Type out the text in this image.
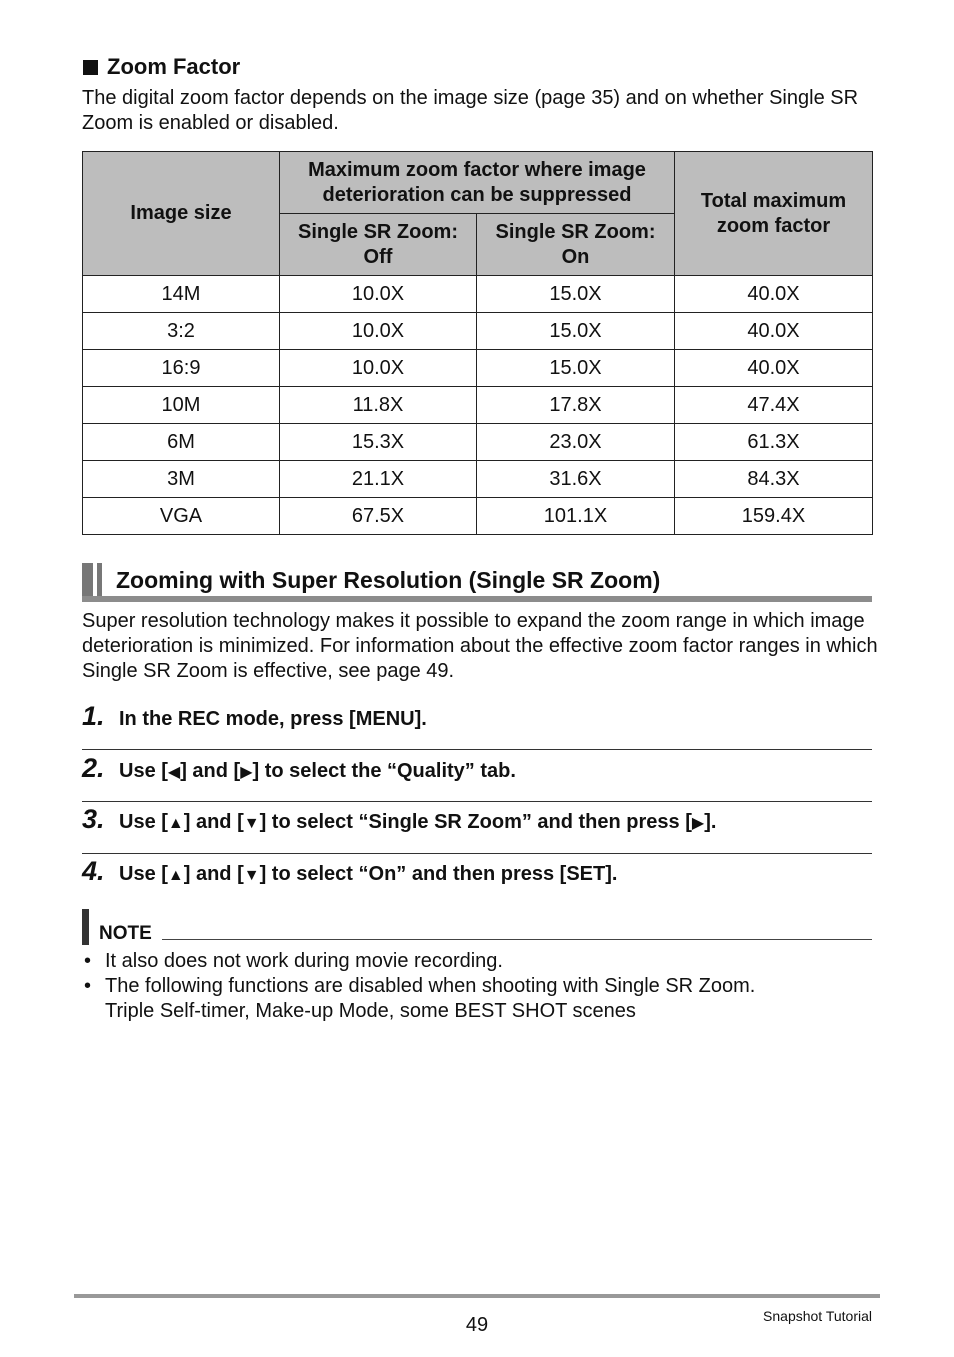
Zoom Factor
The digital zoom factor depends on the image size (page 35) and on whether Single SR Zoom is enabled or disabled.
Image size	Maximum zoom factor where image deterioration can be suppressed		Total maximum zoom factor

	Single SR Zoom: Off	Single SR Zoom: On	

14M	10.0X	15.0X	40.0X
3:2	10.0X	15.0X	40.0X
16:9	10.0X	15.0X	40.0X
10M	11.8X	17.8X	47.4X
6M	15.3X	23.0X	61.3X
3M	21.1X	31.6X	84.3X
VGA	67.5X	101.1X	159.4X
Zooming with Super Resolution (Single SR Zoom)
Super resolution technology makes it possible to expand the zoom range in which image deterioration is minimized. For information about the effective zoom factor ranges in which Single SR Zoom is effective, see page 49.
1. In the REC mode, press [MENU].
2. Use [◀] and [▶] to select the “Quality” tab.
3. Use [▲] and [▼] to select “Single SR Zoom” and then press [▶].
4. Use [▲] and [▼] to select “On” and then press [SET].
NOTE
• It also does not work during movie recording.
• The following functions are disabled when shooting with Single SR Zoom.
Triple Self-timer, Make-up Mode, some BEST SHOT scenes
49	Snapshot Tutorial
